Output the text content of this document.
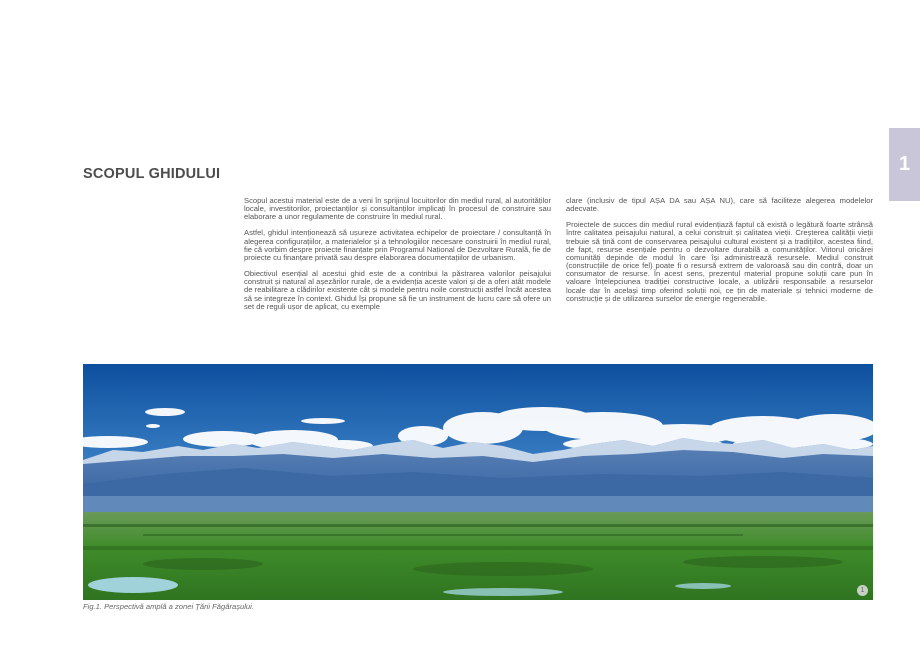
1
SCOPUL GHIDULUI

Scopul acestui material este de a veni în sprijinul locuitorilor din mediul rural, al autorităților locale, investitorilor, proiectanților și consultanților implicați în procesul de construire sau elaborare a unor regulamente de construire în mediul rural.

Astfel, ghidul intenționează să ușureze activitatea echipelor de proiectare / consultanță în alegerea configurațiilor, a materialelor și a tehnologiilor necesare construirii în mediul rural, fie că vorbim despre proiecte finanțate prin Programul Național de Dezvoltare Rurală, fie de proiecte cu finanțare privată sau despre elaborarea documentațiilor de urbanism.

Obiectivul esențial al acestui ghid este de a contribui la păstrarea valorilor peisajului construit și natural al așezărilor rurale, de a evidenția aceste valori și de a oferi atât modele de reabilitare a clădirilor existente cât și modele pentru noile construcții astfel încât acestea să se integreze în context. Ghidul își propune să fie un instrument de lucru care să ofere un set de reguli ușor de aplicat, cu exemple

clare (inclusiv de tipul AȘA DA sau AȘA NU), care să faciliteze alegerea modelelor adecvate.

Proiectele de succes din mediul rural evidențiază faptul că există o legătură foarte strânsă între calitatea peisajului natural, a celui construit și calitatea vieții. Creșterea calității vieții trebuie să țină cont de conservarea peisajului cultural existent și a tradițiilor, acestea fiind, de fapt, resurse esențiale pentru o dezvoltare durabilă a comunităților. Viitorul oricărei comunități depinde de modul în care își administrează resursele. Mediul construit (construcțiile de orice fel) poate fi o resursă extrem de valoroasă sau din contră, doar un consumator de resurse. În acest sens, prezentul material propune soluții care pun în valoare înțelepciunea tradiției constructive locale, a utilizării responsabile a resurselor locale dar în același timp oferind soluții noi, ce țin de materiale și tehnici moderne de construcție și de utilizarea surselor de energie regenerabile.

1
Fig.1. Perspectivă amplă a zonei Țării Făgărașului.
